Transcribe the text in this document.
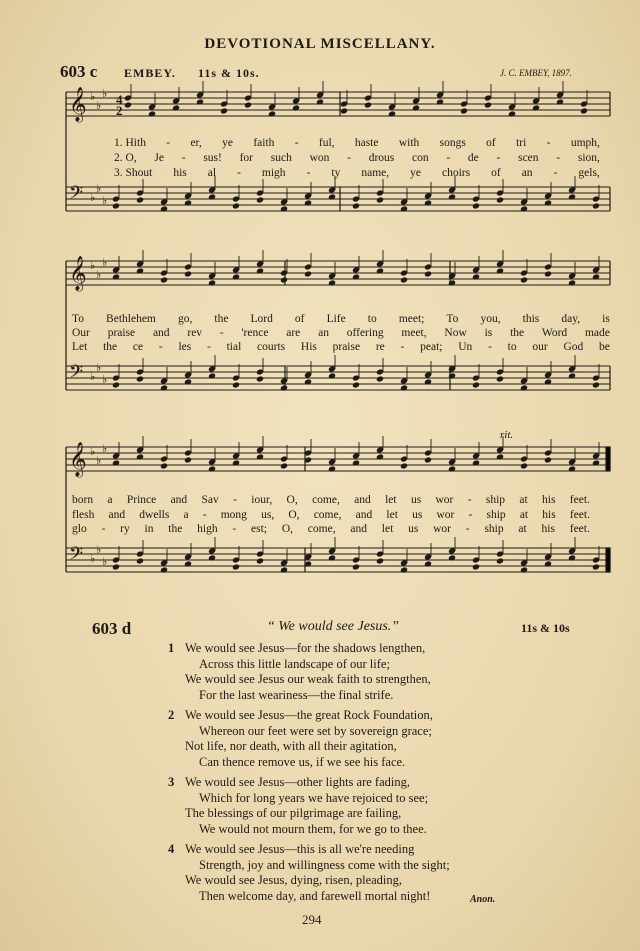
DEVOTIONAL MISCELLANY.
603 c EMBEY. 11s & 10s.	J. C. EMBEY, 1897.
𝄞 ♭
♭
♭
𝄢 ♭
♭
♭
𝄞 ♭
♭
♭
𝄢 ♭
♭
♭
𝄞 ♭
♭
♭
𝄢 ♭
♭
♭
4
2
rit.
1. Hith - er, ye faith - ful, haste with songs of tri - umph,
2. O, Je - sus! for such won - drous con - de - scen - sion,
3. Shout his al - migh - ty name, ye choirs of an - gels,
To Bethlehem go, the Lord of Life to meet; To you, this day, is
Our praise and rev - 'rence are an offering meet, Now is the Word made
Let the ce - les - tial courts His praise re - peat; Un - to our God be
born a Prince and Sav - iour, O, come, and let us wor - ship at his feet.
flesh and dwells a - mong us, O, come, and let us wor - ship at his feet.
glo - ry in the high - est; O, come, and let us wor - ship at his feet.
603 d	“ We would see Jesus.”	11s & 10s
1 We would see Jesus—for the shadows lengthen,
Across this little landscape of our life;
We would see Jesus our weak faith to strengthen,
For the last weariness—the final strife.
2 We would see Jesus—the great Rock Foundation,
Whereon our feet were set by sovereign grace;
Not life, nor death, with all their agitation,
Can thence remove us, if we see his face.
3 We would see Jesus—other lights are fading,
Which for long years we have rejoiced to see;
The blessings of our pilgrimage are failing,
We would not mourn them, for we go to thee.
4 We would see Jesus—this is all we're needing
Strength, joy and willingness come with the sight;
We would see Jesus, dying, risen, pleading,
Then welcome day, and farewell mortal night!	Anon.
294
